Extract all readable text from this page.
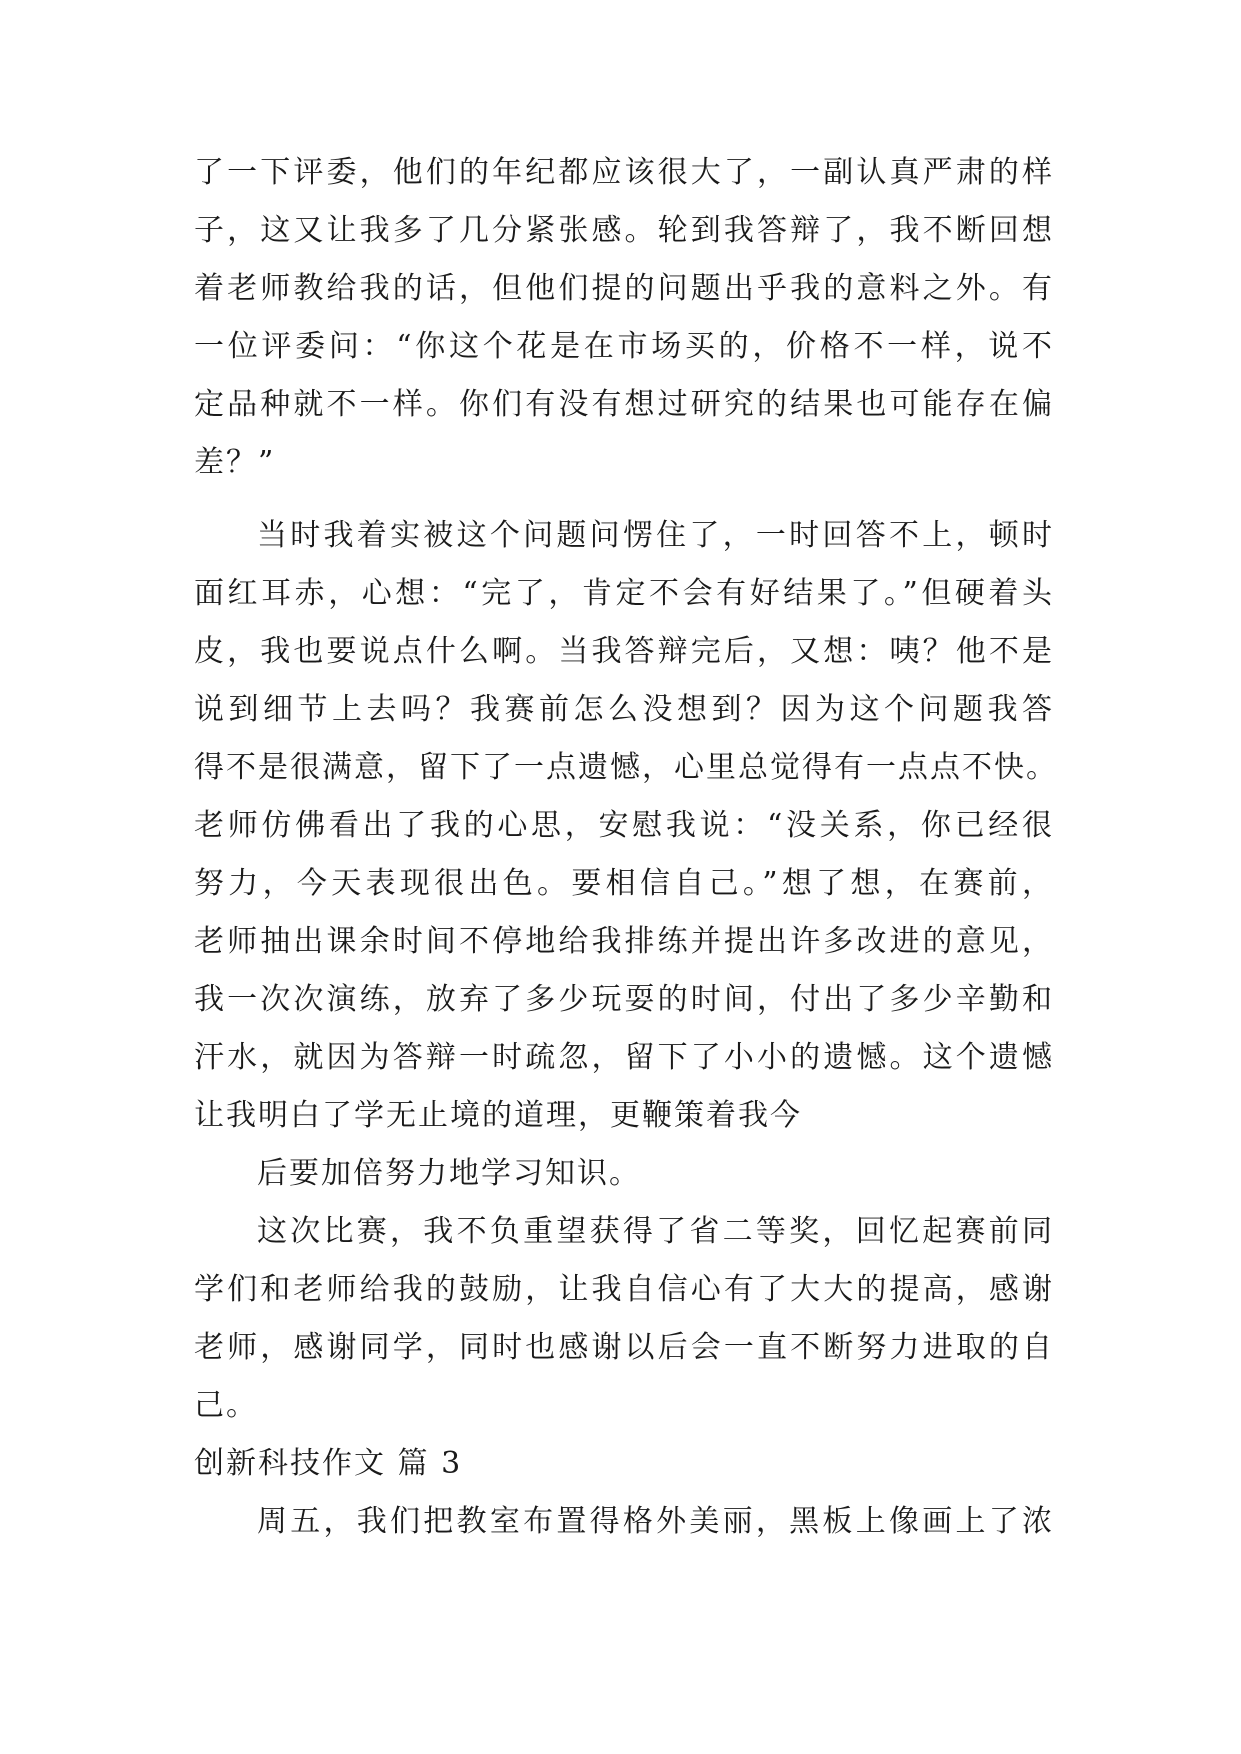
了一下评委，他们的年纪都应该很大了，一副认真严肃的样
子，这又让我多了几分紧张感。轮到我答辩了，我不断回想
着老师教给我的话，但他们提的问题出乎我的意料之外。有
一位评委问：“你这个花是在市场买的，价格不一样，说不
定品种就不一样。你们有没有想过研究的结果也可能存在偏
差？”
当时我着实被这个问题问愣住了，一时回答不上，顿时
面红耳赤，心想：“完了，肯定不会有好结果了。”但硬着头
皮，我也要说点什么啊。当我答辩完后，又想：咦？他不是
说到细节上去吗？我赛前怎么没想到？因为这个问题我答
得不是很满意，留下了一点遗憾，心里总觉得有一点点不快。
老师仿佛看出了我的心思，安慰我说：“没关系，你已经很
努力，今天表现很出色。要相信自己。”想了想，在赛前，
老师抽出课余时间不停地给我排练并提出许多改进的意见，
我一次次演练，放弃了多少玩耍的时间，付出了多少辛勤和
汗水，就因为答辩一时疏忽，留下了小小的遗憾。这个遗憾
让我明白了学无止境的道理，更鞭策着我今
后要加倍努力地学习知识。
这次比赛，我不负重望获得了省二等奖，回忆起赛前同
学们和老师给我的鼓励，让我自信心有了大大的提高，感谢
老师，感谢同学，同时也感谢以后会一直不断努力进取的自
己。
创新科技作文 篇 3
周五，我们把教室布置得格外美丽，黑板上像画上了浓
